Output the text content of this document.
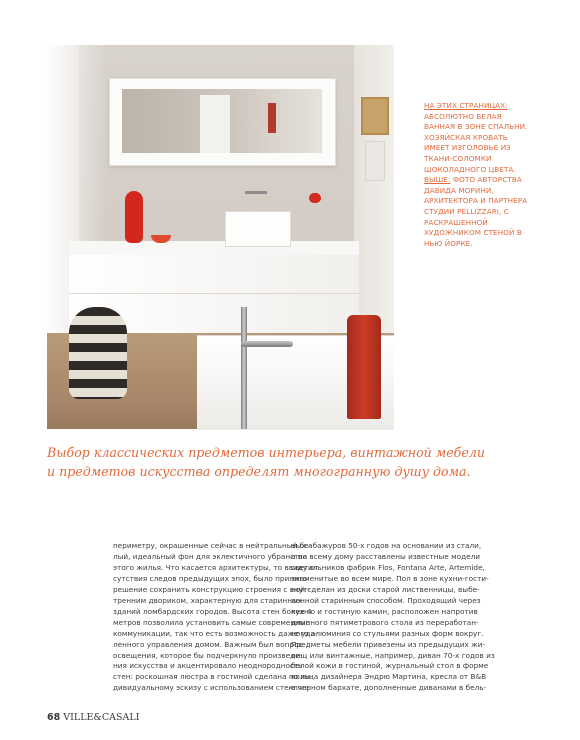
НА ЭТИХ СТРАНИЦАХ: АБСОЛЮТНО БЕЛАЯ ВАННАЯ В ЗОНЕ СПАЛЬНИ. ХОЗЯЙСКАЯ КРОВАТЬ ИМЕЕТ ИЗГОЛОВЬЕ ИЗ ТКАНИ-СОЛОМКИ ШОКОЛАДНОГО ЦВЕТА. ВЫШЕ: ФОТО АВТОРСТВА ДАВИДА МОРИНИ, АРХИТЕКТОРА И ПАРТНЕРА СТУДИИ PELLIZZARI, С РАСКРАШЕННОЙ ХУДОЖНИКОМ СТЕНОЙ В НЬЮ ЙОРКЕ.
Выбор классических предметов интерьера, винтажной мебели
и предметов искусства определят многогранную душу дома.
периметру, окрашенные сейчас в нейтральный бе-
лый, идеальный фон для эклектичного убранства
этого жилья. Что касается архитектуры, то ввиду от-
сутствия следов предыдущих эпох, было принято
решение сохранить конструкцию строения с внут-
тренним двориком, характерную для старинных
зданий ломбардских городов. Высота стен более 4
метров позволила установить самые современные
коммуникации, так что есть возможность даже уда-
ленного управления домом. Важным был вопрос
освещения, которое бы подчеркнуло произведе-
ния искусства и акцентировало неоднородность
стен: роскошная люстра в гостиной сделана по ин-
дивидуальному эскизу с использованием стеклян-
ных абажуров 50-х годов на основании из стали,
а по всему дому расставлены известные модели
светильников фабрик Flos, Fontana Arte, Artemide,
знаменитые во всем мире. Пол в зоне кухни-гости-
ной сделан из доски старой лиственницы, выбе-
ленной старинным способом. Проходящий через
кухню и гостиную камин, расположен напротив
длинного пятиметрового стола из переработан-
ного алюминия со стульями разных форм вокруг.
Предметы мебели привезены из предыдущих жи-
лищ или винтажные, например, диван 70-х годов из
белой кожи в гостиной, журнальный стол в форме
кольца дизайнера Эндрю Мартина, кресла от B&B
в черном бархате, дополненные диванами в бель-
68 VILLE&CASALI
